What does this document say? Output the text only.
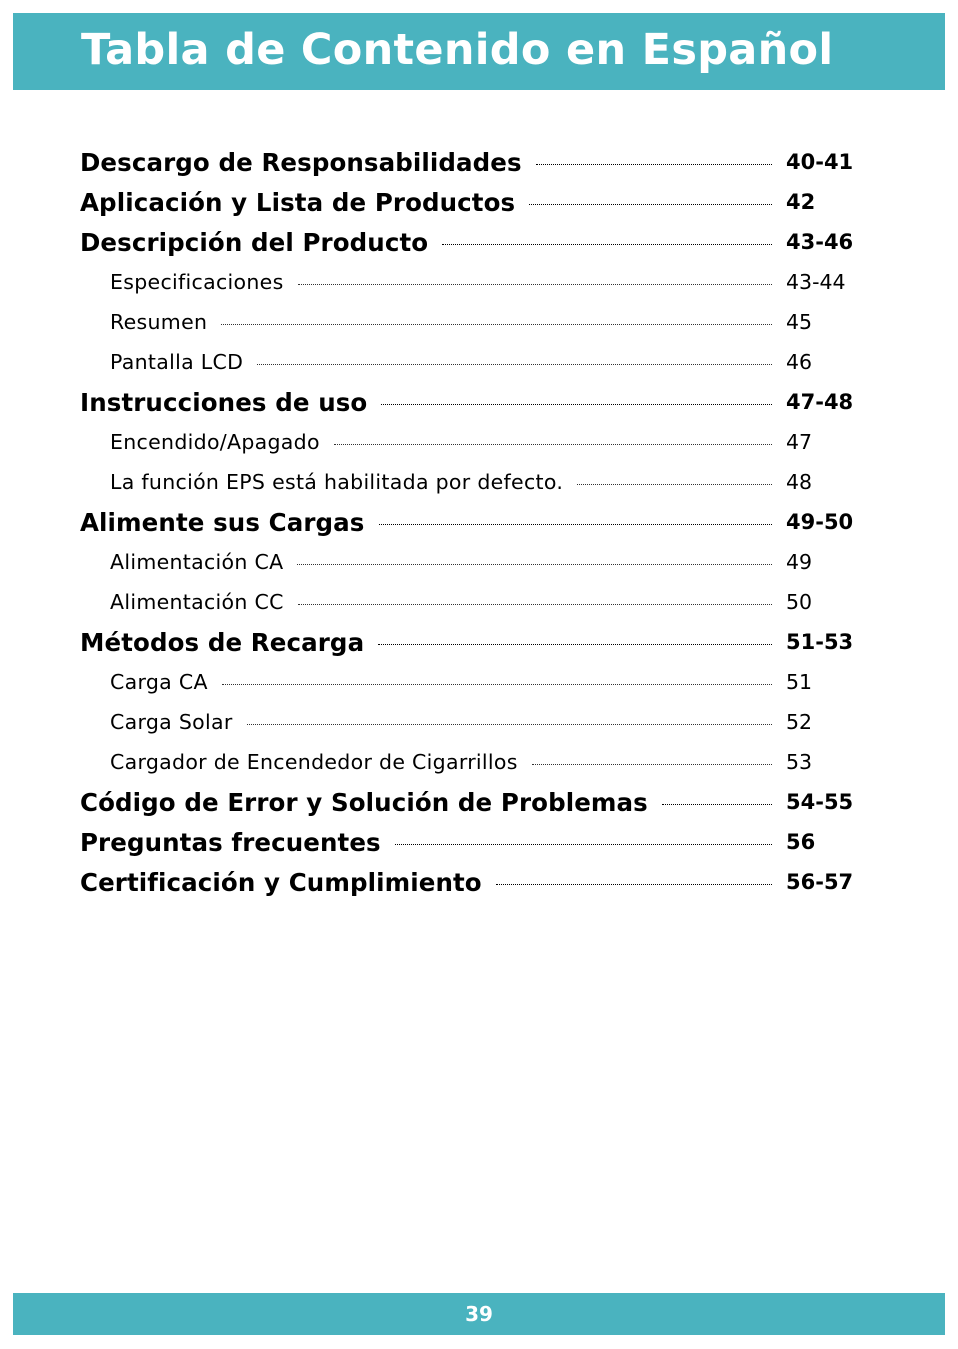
Tabla de Contenido en Español
Descargo de Responsabilidades	40-41
Aplicación y Lista de Productos	42
Descripción del Producto	43-46
Especificaciones	43-44
Resumen	45
Pantalla LCD	46
Instrucciones de uso	47-48
Encendido/Apagado	47
La función EPS está habilitada por defecto.	48
Alimente sus Cargas	49-50
Alimentación CA	49
Alimentación CC	50
Métodos de Recarga	51-53
Carga CA	51
Carga Solar	52
Cargador de Encendedor de Cigarrillos	53
Código de Error y Solución de Problemas	54-55
Preguntas frecuentes	56
Certificación y Cumplimiento	56-57
39
